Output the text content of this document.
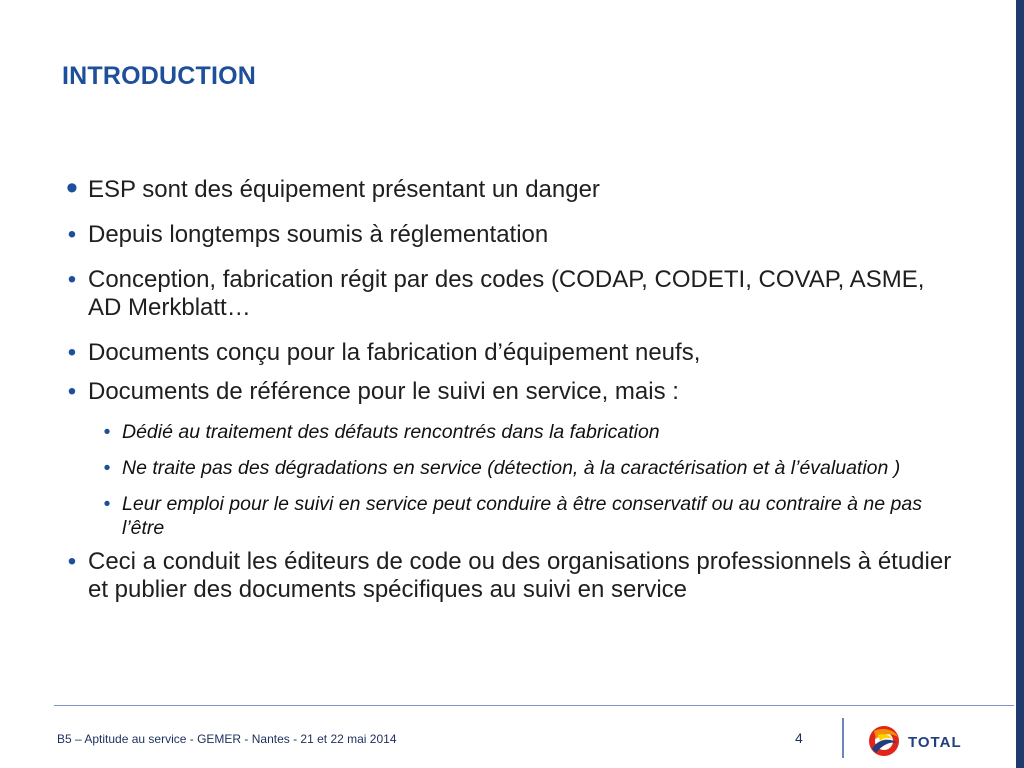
INTRODUCTION
• ESP sont des équipement présentant un danger
• Depuis longtemps soumis à réglementation
• Conception, fabrication régit par des codes (CODAP, CODETI, COVAP, ASME, AD Merkblatt…
• Documents conçu pour la fabrication d’équipement neufs,
• Documents de référence pour le suivi en service, mais :
• Dédié au traitement des défauts rencontrés dans la fabrication
• Ne traite pas des dégradations en service (détection, à la caractérisation et à l’évaluation )
• Leur emploi pour le suivi en service peut conduire à être conservatif ou au contraire à ne pas l’être
• Ceci a conduit les éditeurs de code ou des organisations professionnels à étudier et publier des documents spécifiques au suivi en service
B5 – Aptitude au service - GEMER - Nantes - 21 et 22 mai 2014	4	TOTAL
